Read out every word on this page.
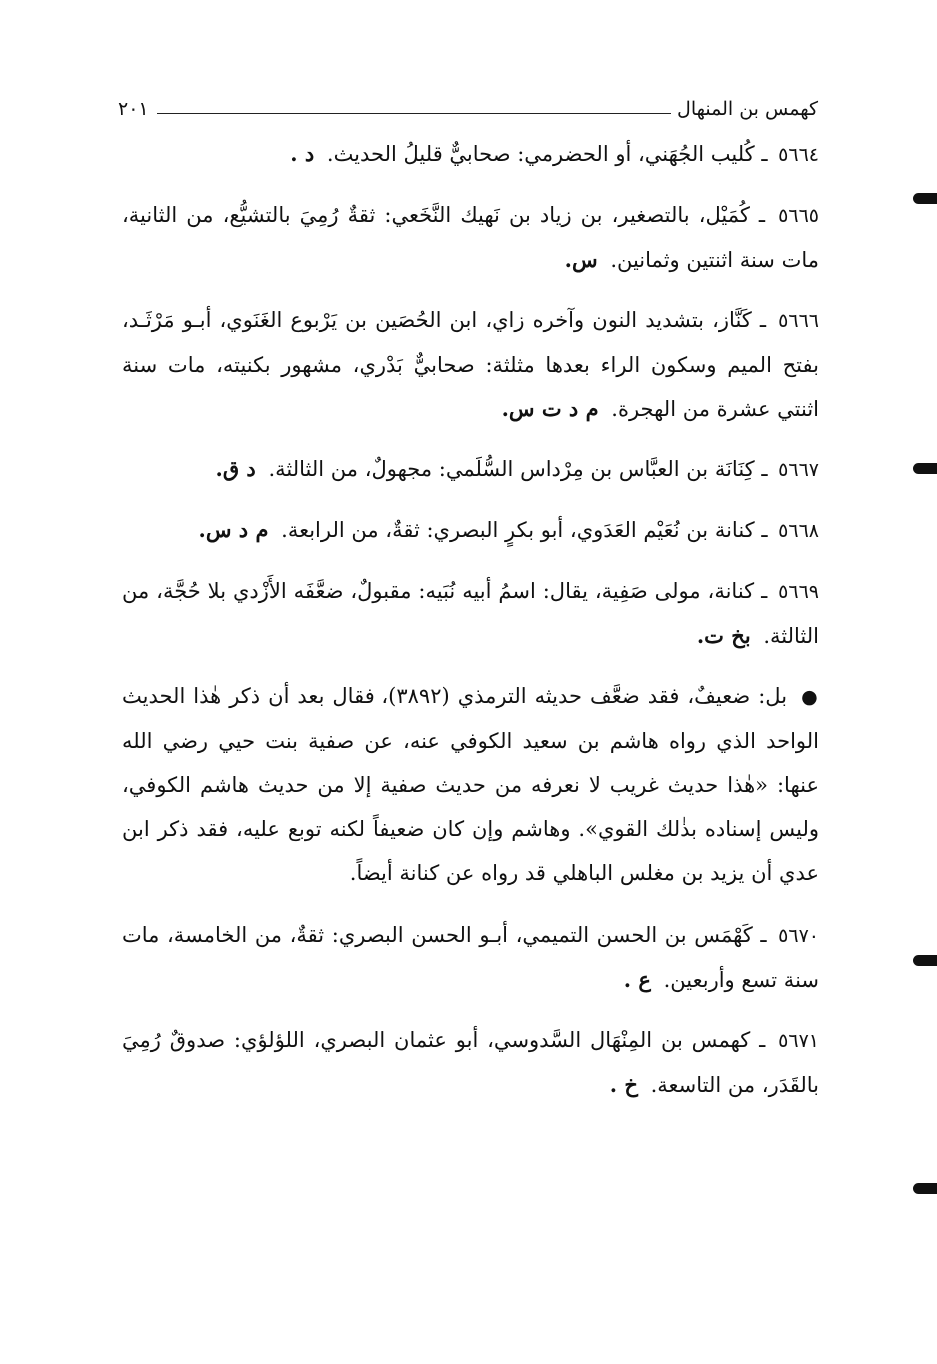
كهمس بن المنهال
٢٠١

٥٦٦٤ ـ كُليب الجُهَني، أو الحضرمي: صحابيٌّ قليلُ الحديث. د .

٥٦٦٥ ـ كُمَيْل، بالتصغير، بن زياد بن نَهيك النَّخَعي: ثقةٌ رُمِيَ بالتشيُّع، من الثانية، مات سنة اثنتين وثمانين. س.

٥٦٦٦ ـ كَنَّاز، بتشديد النون وآخره زاي، ابن الحُصَين بن يَرْبوع الغَنَوي، أبـو مَرْثَـد، بفتح الميم وسكون الراء بعدها مثلثة: صحابيٌّ بَدْري، مشهور بكنيته، مات سنة اثنتي عشرة من الهجرة. م د ت س.

٥٦٦٧ ـ كِنَانَة بن العبَّاس بن مِرْداس السُّلَمي: مجهولٌ، من الثالثة. د ق.

٥٦٦٨ ـ كنانة بن نُعَيْم العَدَوي، أبو بكرٍ البصري: ثقةٌ، من الرابعة. م د س.

٥٦٦٩ ـ كنانة، مولى صَفِية، يقال: اسمُ أبيه نُبَيه: مقبولٌ، ضعَّفَه الأَزْدي بلا حُجَّة، من الثالثة. بخ ت.

● بل: ضعيفٌ، فقد ضعَّف حديثه الترمذي (٣٨٩٢)، فقال بعد أن ذكر هٰذا الحديث الواحد الذي رواه هاشم بن سعيد الكوفي عنه، عن صفية بنت حيي رضي الله عنها: «هٰذا حديث غريب لا نعرفه من حديث صفية إلا من حديث هاشم الكوفي، وليس إسناده بذٰلك القوي». وهاشم وإن كان ضعيفاً لكنه توبع عليه، فقد ذكر ابن عدي أن يزيد بن مغلس الباهلي قد رواه عن كنانة أيضاً.

٥٦٧٠ ـ كَهْمَس بن الحسن التميمي، أبـو الحسن البصري: ثقةٌ، من الخامسة، مات سنة تسع وأربعين. ع .

٥٦٧١ ـ كهمس بن المِنْهَال السَّدوسي، أبو عثمان البصري، اللؤلؤي: صدوقٌ رُمِيَ بالقَدَر، من التاسعة. خ .
